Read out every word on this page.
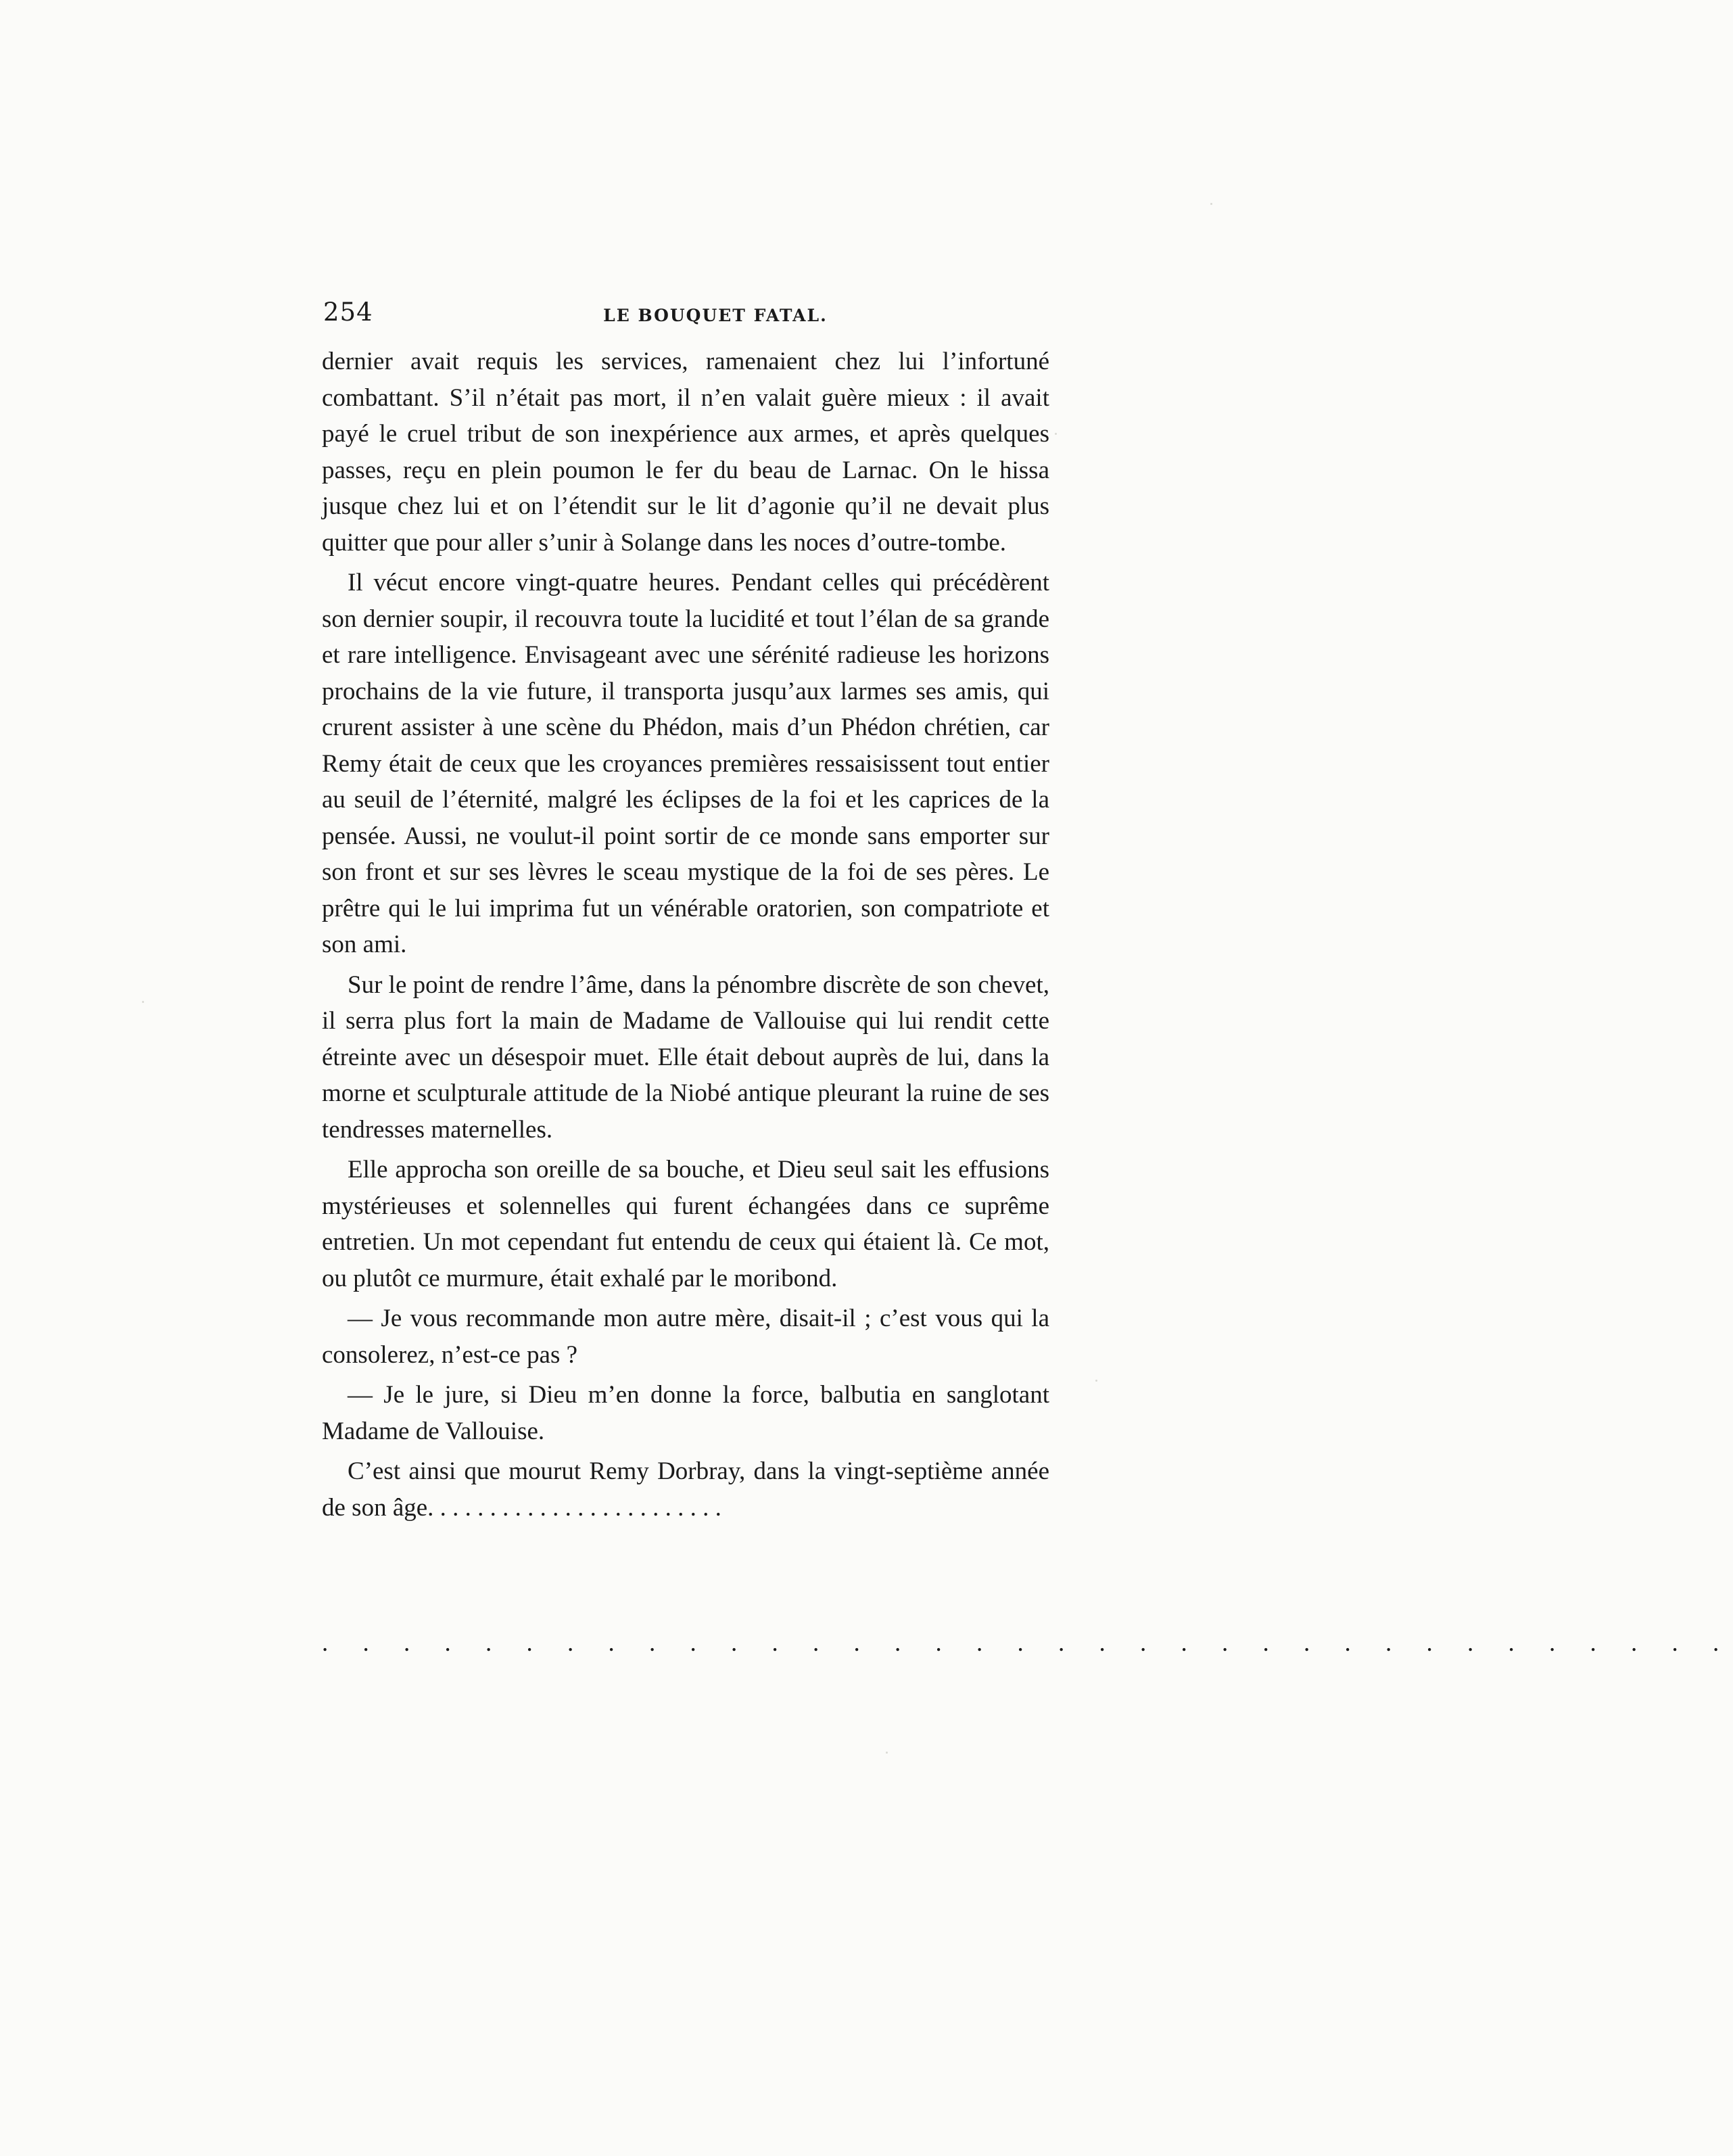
254	LE BOUQUET FATAL.

dernier avait requis les services, ramenaient chez lui l’infortuné combattant. S’il n’était pas mort, il n’en valait guère mieux : il avait payé le cruel tribut de son inexpérience aux armes, et après quelques passes, reçu en plein poumon le fer du beau de Larnac. On le hissa jusque chez lui et on l’étendit sur le lit d’agonie qu’il ne devait plus quitter que pour aller s’unir à Solange dans les noces d’outre-tombe.

Il vécut encore vingt-quatre heures. Pendant celles qui précédèrent son dernier soupir, il recouvra toute la lucidité et tout l’élan de sa grande et rare intelligence. Envisageant avec une sérénité radieuse les horizons prochains de la vie future, il transporta jusqu’aux larmes ses amis, qui crurent assister à une scène du Phédon, mais d’un Phédon chrétien, car Remy était de ceux que les croyances premières ressaisissent tout entier au seuil de l’éternité, malgré les éclipses de la foi et les caprices de la pensée. Aussi, ne voulut-il point sortir de ce monde sans emporter sur son front et sur ses lèvres le sceau mystique de la foi de ses pères. Le prêtre qui le lui imprima fut un vénérable oratorien, son compatriote et son ami.

Sur le point de rendre l’âme, dans la pénombre discrète de son chevet, il serra plus fort la main de Madame de Vallouise qui lui rendit cette étreinte avec un désespoir muet. Elle était debout auprès de lui, dans la morne et sculpturale attitude de la Niobé antique pleurant la ruine de ses tendresses maternelles.

Elle approcha son oreille de sa bouche, et Dieu seul sait les effusions mystérieuses et solennelles qui furent échangées dans ce suprême entretien. Un mot cependant fut entendu de ceux qui étaient là. Ce mot, ou plutôt ce murmure, était exhalé par le moribond.

— Je vous recommande mon autre mère, disait-il ; c’est vous qui la consolerez, n’est-ce pas ?

— Je le jure, si Dieu m’en donne la force, balbutia en sanglotant Madame de Vallouise.

C’est ainsi que mourut Remy Dorbray, dans la vingt-septième année de son âge. . . . . . . . . . . . . . . . . . . . . . . .

. . . . . . . . . . . . . . . . . . . . . . . . . . . . . . . . . . .
